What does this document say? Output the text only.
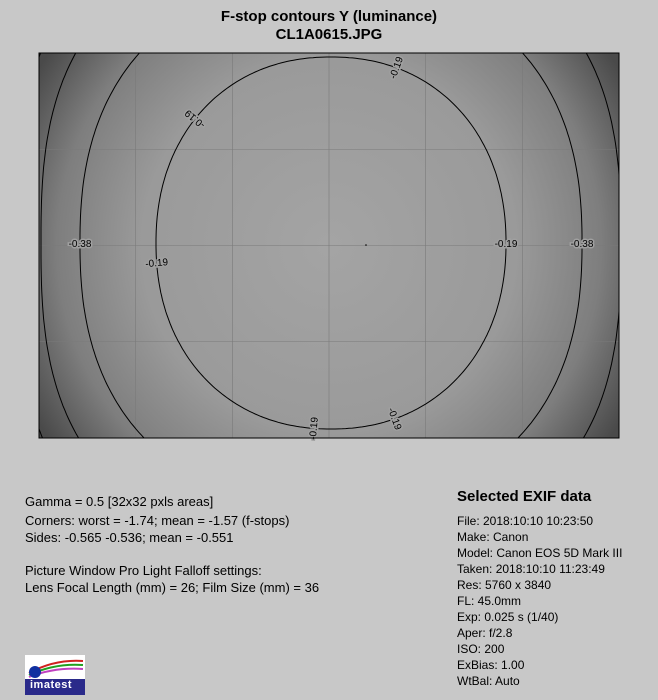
F-stop contours Y (luminance)
CL1A0615.JPG
-0.19
-0.19
-0.19
-0.19
-0.19
-0.19
-0.38
-0.38
Gamma = 0.5 [32x32 pxls areas]
Corners: worst = -1.74; mean = -1.57 (f-stops)
Sides: -0.565 -0.536; mean = -0.551
Picture Window Pro Light Falloff settings:
Lens Focal Length (mm) = 26; Film Size (mm) = 36
Selected EXIF data
File: 2018:10:10 10:23:50
Make: Canon
Model: Canon EOS 5D Mark III
Taken: 2018:10:10 11:23:49
Res: 5760 x 3840
FL: 45.0mm
Exp: 0.025 s (1/40)
Aper: f/2.8
ISO: 200
ExBias: 1.00
WtBal: Auto
imatest
